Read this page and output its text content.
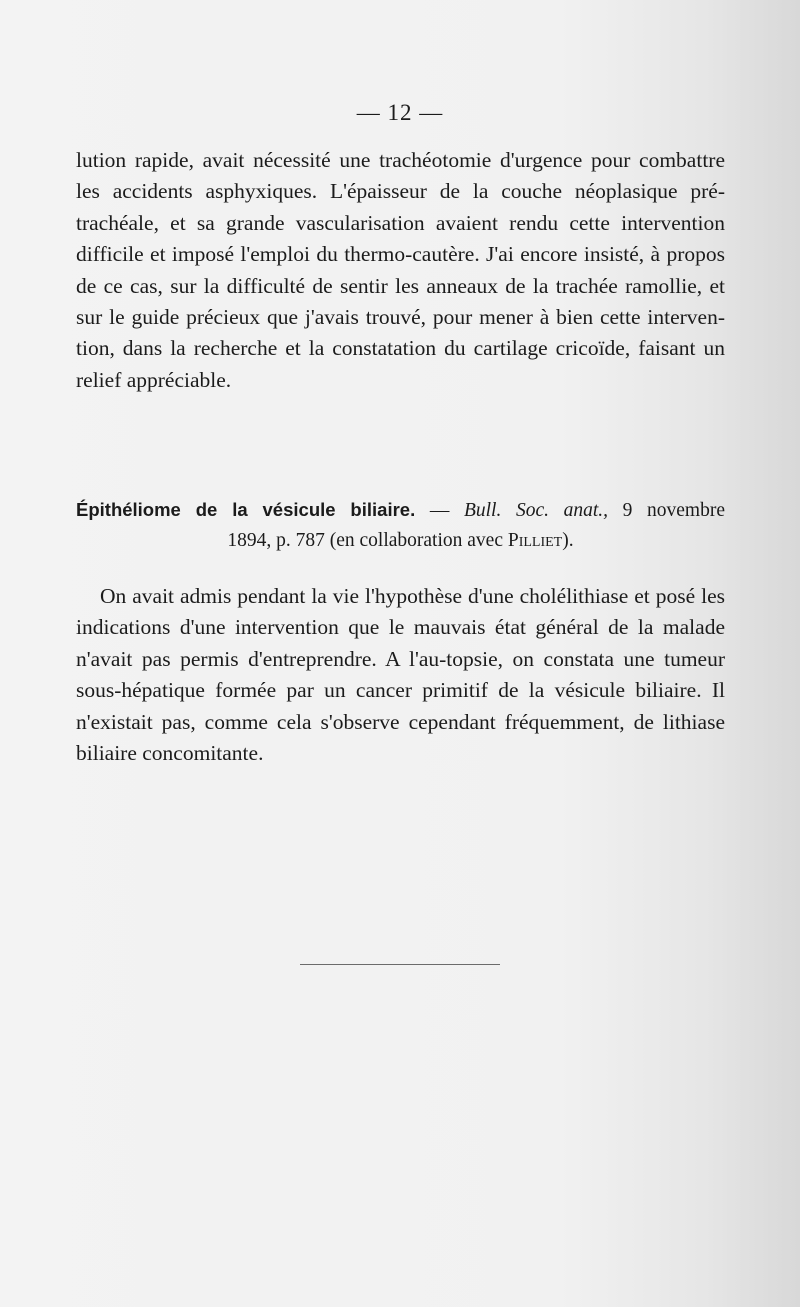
— 12 —

lution rapide, avait nécessité une trachéotomie d'urgence pour combattre les accidents asphyxiques. L'épaisseur de la couche néoplasique pré-trachéale, et sa grande vascularisation avaient rendu cette intervention difficile et imposé l'emploi du thermo-cautère. J'ai encore insisté, à propos de ce cas, sur la difficulté de sentir les anneaux de la trachée ramollie, et sur le guide précieux que j'avais trouvé, pour mener à bien cette interven-tion, dans la recherche et la constatation du cartilage cricoïde, faisant un relief appréciable.

Épithéliome de la vésicule biliaire. — Bull. Soc. anat., 9 novembre
1894, p. 787 (en collaboration avec Pilliet).

On avait admis pendant la vie l'hypothèse d'une cholélithiase et posé les indications d'une intervention que le mauvais état général de la malade n'avait pas permis d'entreprendre. A l'au-topsie, on constata une tumeur sous-hépatique formée par un cancer primitif de la vésicule biliaire. Il n'existait pas, comme cela s'observe cependant fréquemment, de lithiase biliaire concomitante.
